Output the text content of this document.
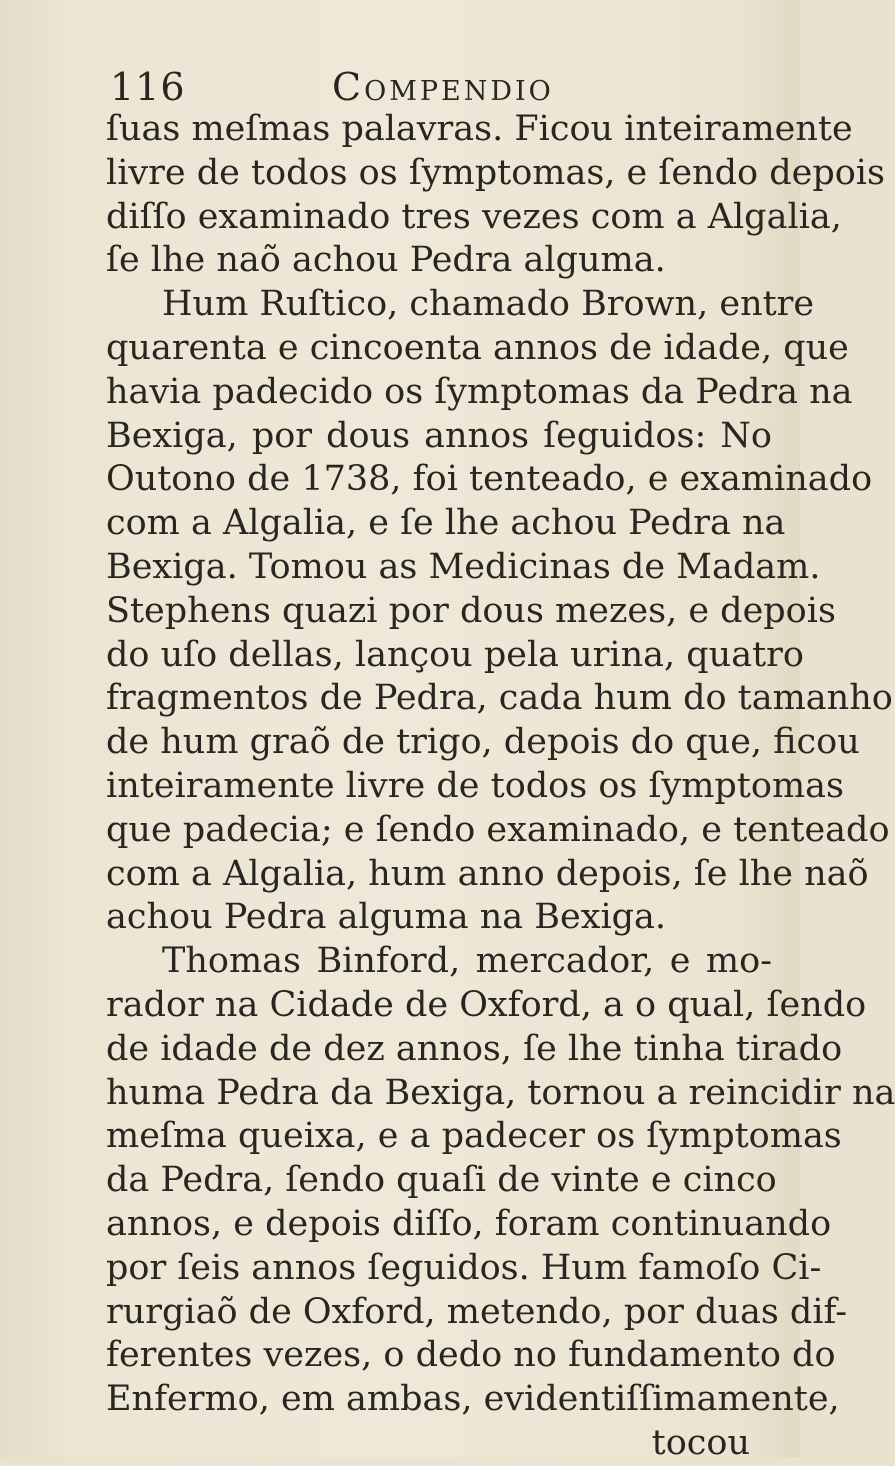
116	Compendio
ſuas meſmas palavras. Ficou inteiramente
livre de todos os ſymptomas, e ſendo depois
diſſo examinado tres vezes com a Algalia,
ſe lhe naõ achou Pedra alguma.
Hum Ruſtico, chamado Brown, entre
quarenta e cincoenta annos de idade, que
havia padecido os ſymptomas da Pedra na
Bexiga, por dous annos ſeguidos: No
Outono de 1738, foi tenteado, e examinado
com a Algalia, e ſe lhe achou Pedra na
Bexiga. Tomou as Medicinas de Madam.
Stephens quazi por dous mezes, e depois
do uſo dellas, lançou pela urina, quatro
fragmentos de Pedra, cada hum do tamanho
de hum graõ de trigo, depois do que, ficou
inteiramente livre de todos os ſymptomas
que padecia; e ſendo examinado, e tenteado
com a Algalia, hum anno depois, ſe lhe naõ
achou Pedra alguma na Bexiga.
Thomas Binford, mercador, e mo-
rador na Cidade de Oxford, a o qual, ſendo
de idade de dez annos, ſe lhe tinha tirado
huma Pedra da Bexiga, tornou a reincidir na
meſma queixa, e a padecer os ſymptomas
da Pedra, ſendo quaſi de vinte e cinco
annos, e depois diſſo, foram continuando
por ſeis annos ſeguidos. Hum famoſo Ci-
rurgiaõ de Oxford, metendo, por duas dif-
ferentes vezes, o dedo no fundamento do
Enfermo, em ambas, evidentiſſimamente,
tocou
